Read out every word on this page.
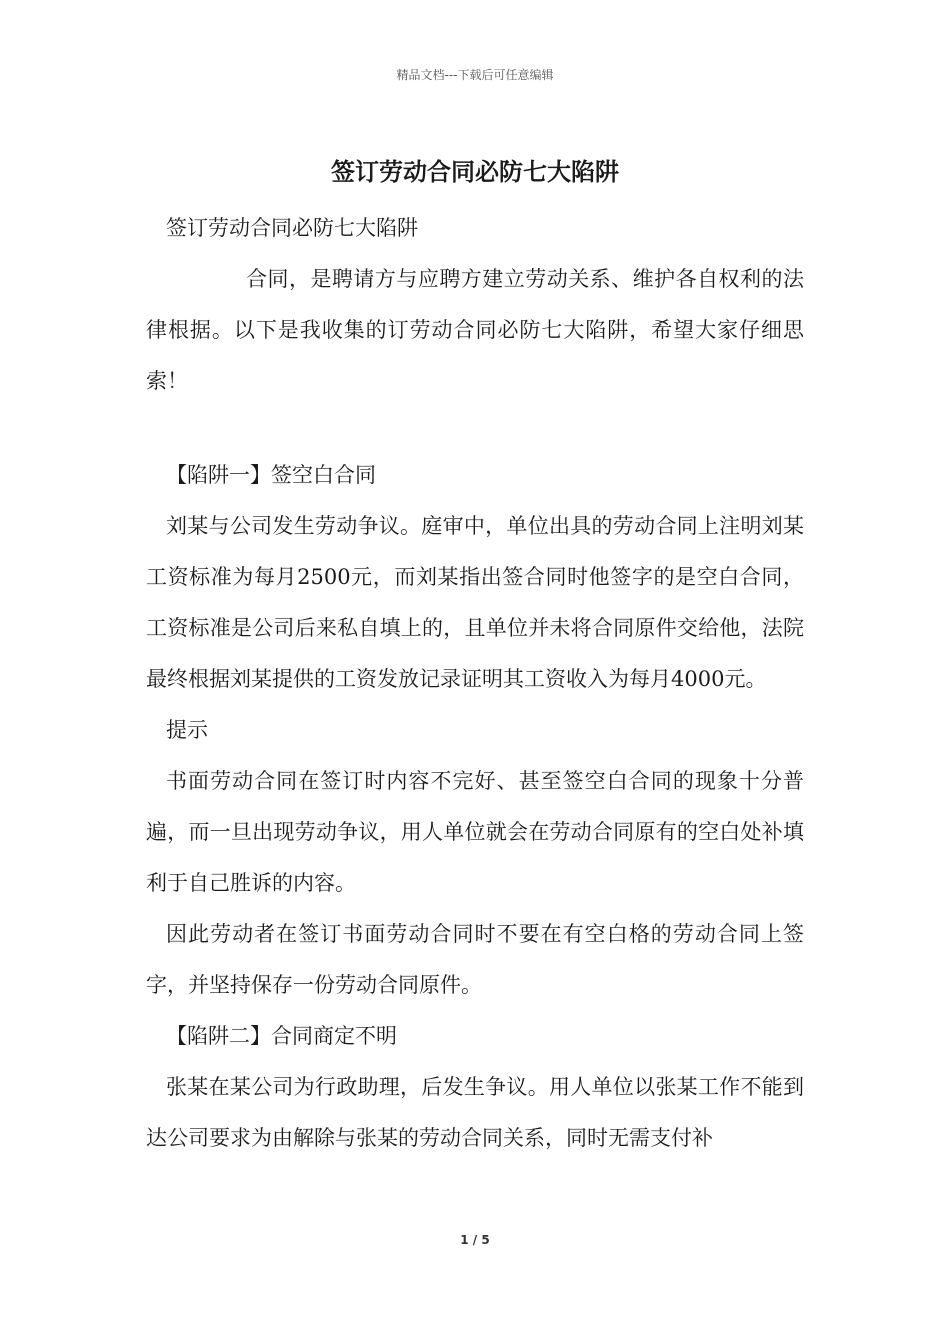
精品文档---下载后可任意编辑
签订劳动合同必防七大陷阱

签订劳动合同必防七大陷阱

合同，是聘请方与应聘方建立劳动关系、维护各自权利的法律根据。以下是我收集的订劳动合同必防七大陷阱，希望大家仔细思索！

【陷阱一】签空白合同

刘某与公司发生劳动争议。庭审中，单位出具的劳动合同上注明刘某工资标准为每月2500元，而刘某指出签合同时他签字的是空白合同，工资标准是公司后来私自填上的，且单位并未将合同原件交给他，法院最终根据刘某提供的工资发放记录证明其工资收入为每月4000元。

提示

书面劳动合同在签订时内容不完好、甚至签空白合同的现象十分普遍，而一旦出现劳动争议，用人单位就会在劳动合同原有的空白处补填利于自己胜诉的内容。

因此劳动者在签订书面劳动合同时不要在有空白格的劳动合同上签字，并坚持保存一份劳动合同原件。

【陷阱二】合同商定不明

张某在某公司为行政助理，后发生争议。用人单位以张某工作不能到达公司要求为由解除与张某的劳动合同关系，同时无需支付补

1 / 5
